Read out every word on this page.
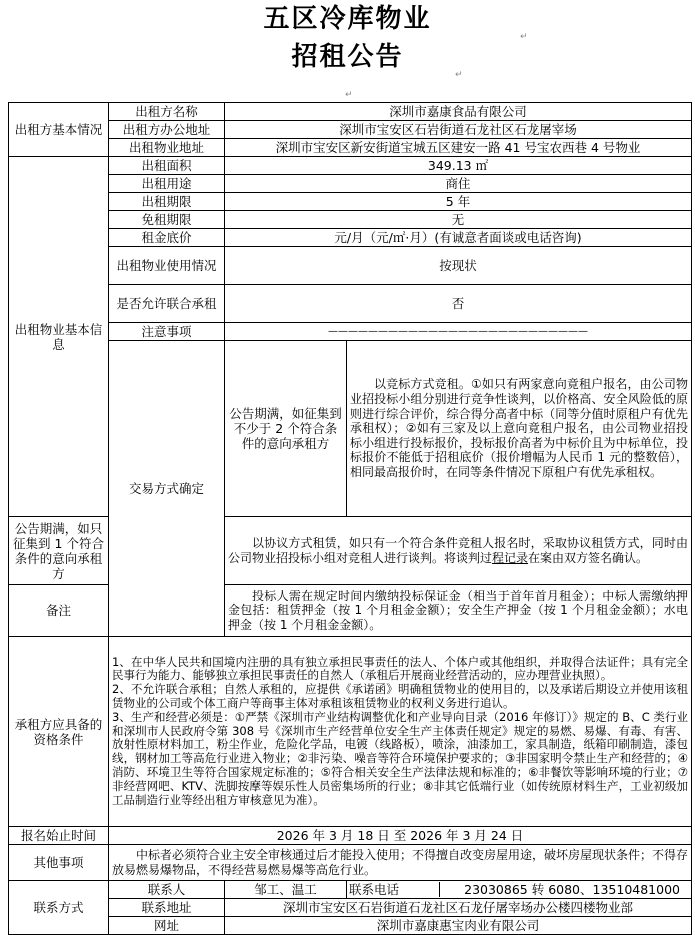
五区冷库物业
招租公告
↵
↵
↵
出租方基本情况	出租方名称	深圳市嘉康食品有限公司	
	出租方办公地址	深圳市宝安区石岩街道石龙社区石龙屠宰场	
	出租物业地址	深圳市宝安区新安街道宝城五区建安一路 41 号宝农西巷 4 号物业	
出租物业基本信息	出租面积	349.13 ㎡	
	出租用途	商住	
	出租期限	5 年	
	免租期限	无	
	租金底价	元/月（元/㎡·月）(有诚意者面谈或电话咨询)	
	出租物业使用情况	按现状	
	是否允许联合承租	否	
	注意事项	——————————————————————————	
	交易方式确定	公告期满，如征集到不少于 2 个符合条件的意向承租方	以竞标方式竞租。①如只有两家意向竟租户报名，由公司物业招投标小组分别进行竞争性谈判，以价格高、安全风险低的原则进行综合评价，综合得分高者中标（同等分值时原租户有优先承租权）；②如有三家及以上意向竟租户报名，由公司物业招投标小组进行投标报价，投标报价高者为中标价且为中标单位，投标报价不能低于招租底价（报价增幅为人民币 1 元的整数倍），相同最高报价时，在同等条件情况下原租户有优先承租权。
公告期满，如只征集到 1 个符合条件的意向承租方		以协议方式租赁，如只有一个符合条件竞租人报名时，采取协议租赁方式，同时由公司物业招投标小组对竞租人进行谈判。将谈判过程记录在案由双方签名确认。	
备注		投标人需在规定时间内缴纳投标保证金（相当于首年首月租金）；中标人需缴纳押金包括：租赁押金（按 1 个月租金金额）；安全生产押金（按 1 个月租金金额）；水电押金（按 1 个月租金金额）。	
承租方应具备的资格条件	1、在中华人民共和国境内注册的具有独立承担民事责任的法人、个体户或其他组织，并取得合法证件；具有完全民事行为能力、能够独立承担民事责任的自然人（承租后开展商业经营活动的，应办理营业执照）。
2、不允许联合承租；自然人承租的，应提供《承诺函》明确租赁物业的使用目的，以及承诺后期设立并使用该租赁物业的公司或个体工商户等商事主体对承租该租赁物业的权利义务进行追认。
3、生产和经营必须是：①严禁《深圳市产业结构调整优化和产业导向目录（2016 年修订）》规定的 B、C 类行业和深圳市人民政府令第 308 号《深圳市生产经营单位安全生产主体责任规定》规定的易燃、易爆、有毒、有害、放射性原材料加工，粉尘作业，危险化学品，电镀（线路板），喷涂，油漆加工，家具制造，纸箱印刷制造，漆包线，钢材加工等高危行业进入物业；②非污染、噪音等符合环境保护要求的；③非国家明令禁止生产和经营的；④消防、环境卫生等符合国家规定标准的；⑤符合相关安全生产法律法规和标准的；⑥非餐饮等影响环境的行业；⑦非经营网吧、KTV、洗脚按摩等娱乐性人员密集场所的行业；⑧非其它低端行业（如传统原材料生产，工业初级加工品制造行业等经出租方审核意见为准）。		

报名始止时间	2026 年 3 月 18 日 至 2026 年 3 月 24 日		
其他事项	中标者必须符合业主安全审核通过后才能投入使用；不得擅自改变房屋用途，破坏房屋现状条件；不得存放易燃易爆物品，不得经营易燃易爆等高危行业。		
联系方式	联系人	邹工、温工	联系电话 23030865 转 6080、13510481000
	联系地址	深圳市宝安区石岩街道石龙社区石龙仔屠宰场办公楼四楼物业部	
	网址	深圳市嘉康惠宝肉业有限公司	
